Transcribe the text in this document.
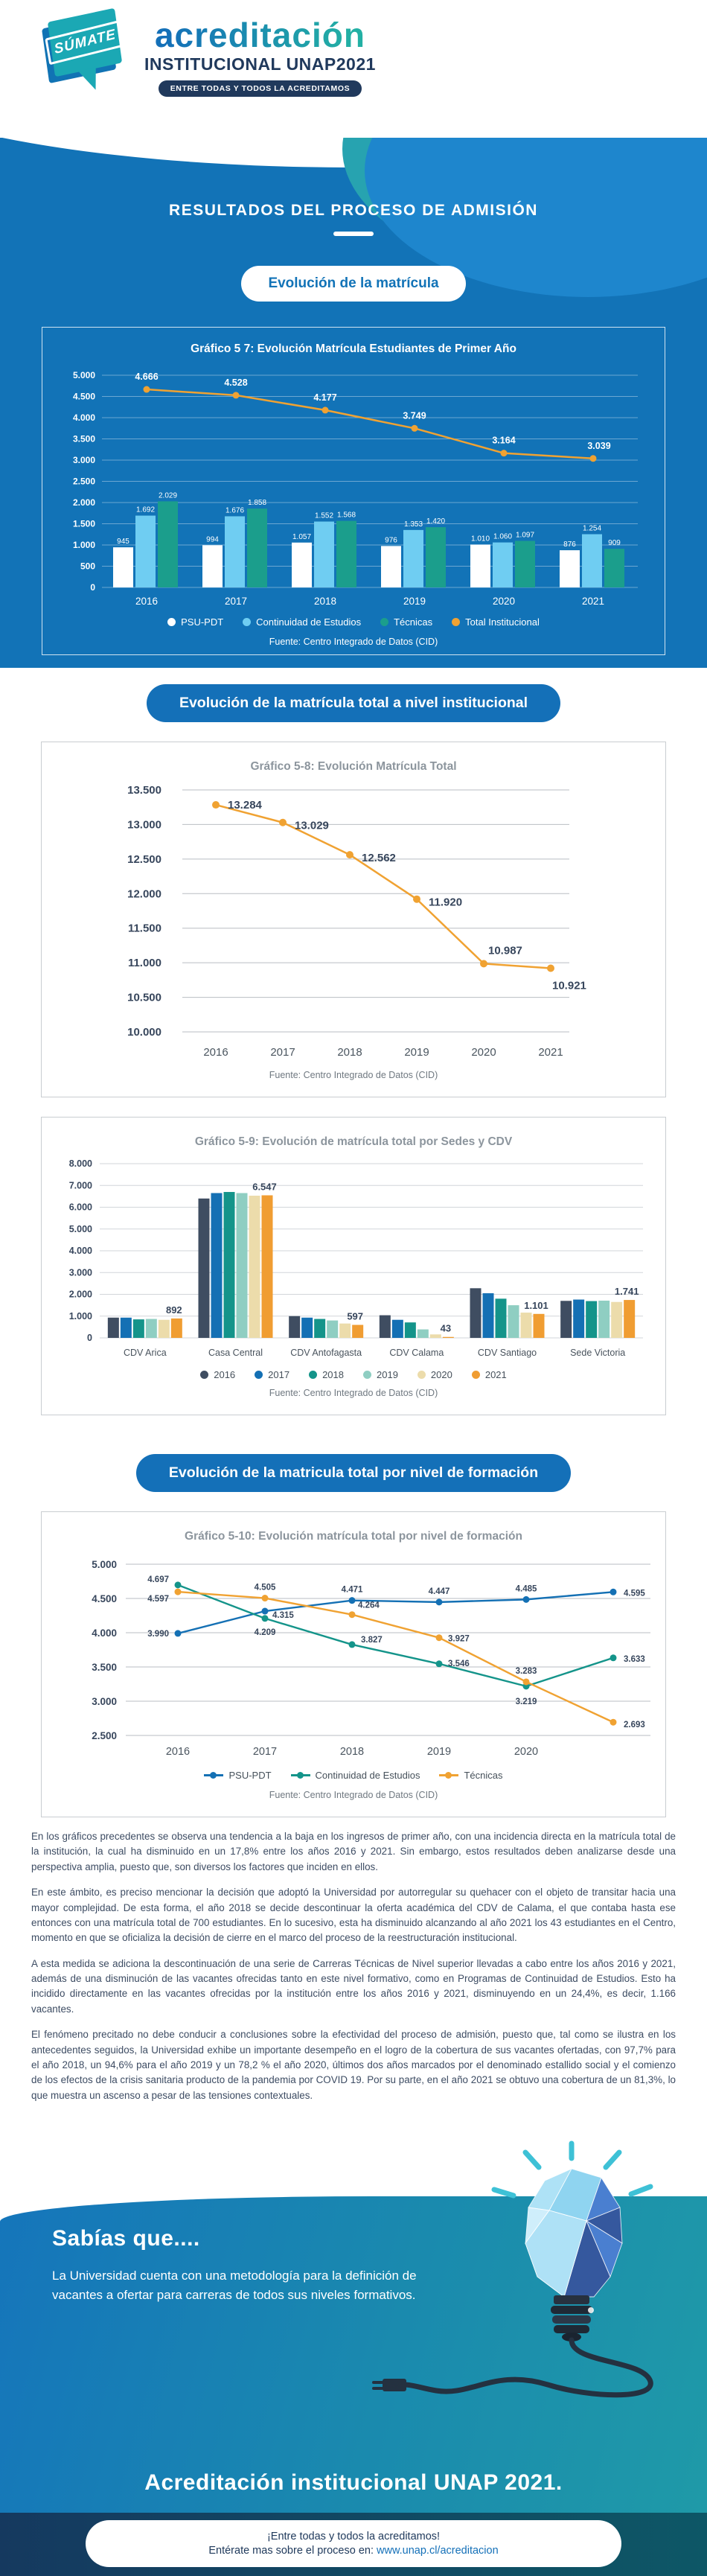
SÚMATE	acreditación
INSTITUCIONAL UNAP2021
ENTRE TODAS Y TODOS LA ACREDITAMOS
RESULTADOS DEL PROCESO DE ADMISIÓN
Evolución de la matrícula
Gráfico 5 7: Evolución Matrícula Estudiantes de Primer Año
0
500
1.000
1.500
2.000
2.500
3.000
3.500
4.000
4.500
5.000
945
1.692
2.029
2016
994
1.676
1.858
2017
1.057
1.552 1.568
2018
976
1.353 1.420
2019
1.010 1.060 1.097
2020
876
1.254
909
2021
4.666
4.528
4.177
3.749
3.164
3.039
PSU-PDT	Continuidad de Estudios	Técnicas	Total Institucional
Fuente: Centro Integrado de Datos (CID)
Evolución de la matrícula total a nivel institucional
Gráfico 5-8: Evolución Matrícula Total
10.000
10.500
11.000
11.500
12.000
12.500
13.000
13.500
13.284
13.029
12.562
11.920
10.987
10.921
2016	2017	2018	2019	2020	2021
Fuente: Centro Integrado de Datos (CID)
Gráfico 5-9: Evolución de matrícula total por Sedes y CDV
0
1.000
2.000
3.000
4.000
5.000
6.000
7.000
8.000
892
CDV Arica
6.547
Casa Central
597
CDV Antofagasta
43
CDV Calama
1.101
CDV Santiago
1.741
Sede Victoria
2016	2017	2018	2019	2020	2021
Fuente: Centro Integrado de Datos (CID)
Evolución de la matricula total por nivel de formación
Gráfico 5-10: Evolución matrícula total por nivel de formación
2.500
3.000
3.500
4.000
4.500
5.000
3.990
4.315
4.471	4.447	4.485	4.595
4.697
4.209
3.827
3.546
3.219
3.633
4.597
4.505
4.264
3.927
3.283
2.693
2016	2017	2018	2019	2020
PSU-PDT	Continuidad de Estudios	Técnicas
Fuente: Centro Integrado de Datos (CID)

En los gráficos precedentes se observa una tendencia a la baja en los ingresos de primer año, con una incidencia directa en la matrícula total de la institución, la cual ha disminuido en un 17,8% entre los años 2016 y 2021. Sin embargo, estos resultados deben analizarse desde una perspectiva amplia, puesto que, son diversos los factores que inciden en ellos.

En este ámbito, es preciso mencionar la decisión que adoptó la Universidad por autorregular su quehacer con el objeto de transitar hacia una mayor complejidad. De esta forma, el año 2018 se decide descontinuar la oferta académica del CDV de Calama, el que contaba hasta ese entonces con una matrícula total de 700 estudiantes. En lo sucesivo, esta ha disminuido alcanzando al año 2021 los 43 estudiantes en el Centro, momento en que se oficializa la decisión de cierre en el marco del proceso de la reestructuración institucional.

A esta medida se adiciona la descontinuación de una serie de Carreras Técnicas de Nivel superior llevadas a cabo entre los años 2016 y 2021, además de una disminución de las vacantes ofrecidas tanto en este nivel formativo, como en Programas de Continuidad de Estudios. Esto ha incidido directamente en las vacantes ofrecidas por la institución entre los años 2016 y 2021, disminuyendo en un 24,4%, es decir, 1.166 vacantes.

El fenómeno precitado no debe conducir a conclusiones sobre la efectividad del proceso de admisión, puesto que, tal como se ilustra en los antecedentes seguidos, la Universidad exhibe un importante desempeño en el logro de la cobertura de sus vacantes ofertadas, con 97,7% para el año 2018, un 94,6% para el año 2019 y un 78,2 % el año 2020, últimos dos años marcados por el denominado estallido social y el comienzo de los efectos de la crisis sanitaria producto de la pandemia por COVID 19. Por su parte, en el año 2021 se obtuvo una cobertura de un 81,3%, lo que muestra un ascenso a pesar de las tensiones contextuales.

Sabías que....
La Universidad cuenta con una metodología para la definición de vacantes a ofertar para carreras de todos sus niveles formativos.
Acreditación institucional UNAP 2021.
¡Entre todas y todos la acreditamos!
Entérate mas sobre el proceso en: www.unap.cl/acreditacion
